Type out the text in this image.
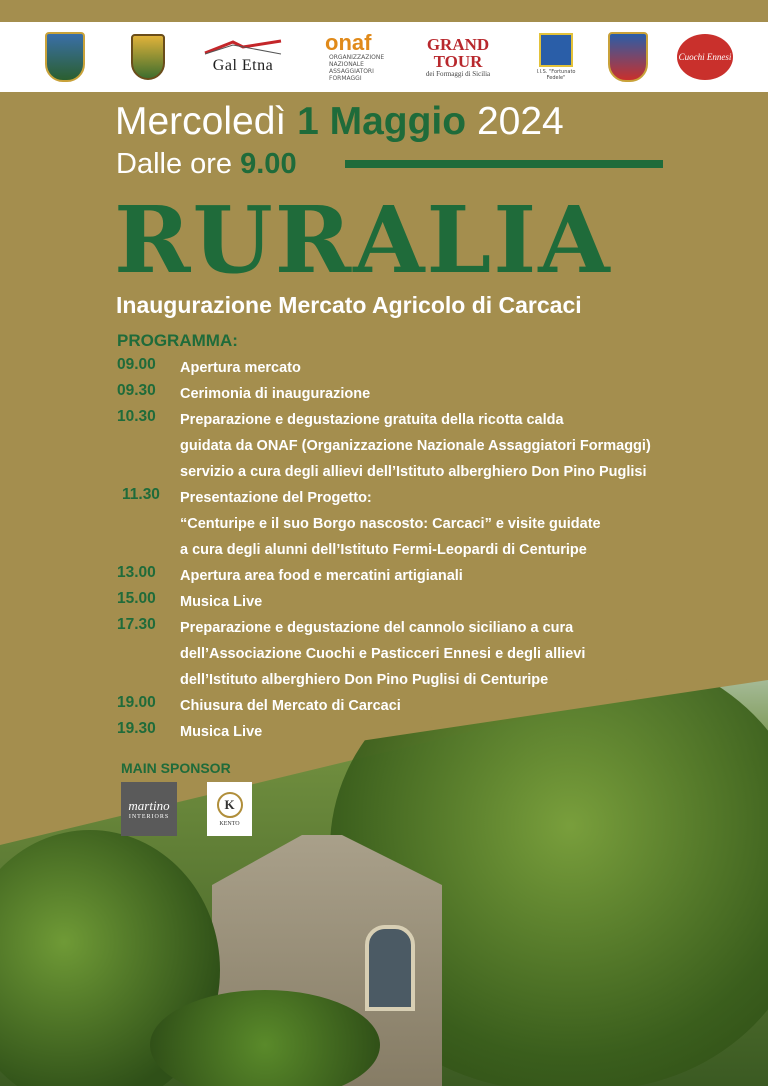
Gal Etna
onaf
ORGANIZZAZIONE NAZIONALE ASSAGGIATORI FORMAGGI
GRAND
TOUR
dei Formaggi di Sicilia	I.I.S. "Fortunato Fedele"
Cuochi Ennesi
Mercoledì 1 Maggio 2024
Dalle ore 9.00
RURALIA
Inaugurazione Mercato Agricolo di Carcaci
PROGRAMMA:
09.00 Apertura mercato
09.30 Cerimonia di inaugurazione
10.30 Preparazione e degustazione gratuita della ricotta calda
guidata da ONAF (Organizzazione Nazionale Assaggiatori Formaggi)
servizio a cura degli allievi dell’Istituto alberghiero Don Pino Puglisi
11.30 Presentazione del Progetto:
“Centuripe e il suo Borgo nascosto: Carcaci” e visite guidate
a cura degli alunni dell’Istituto Fermi-Leopardi di Centuripe
13.00 Apertura area food e mercatini artigianali
15.00 Musica Live
17.30 Preparazione e degustazione del cannolo siciliano a cura
dell’Associazione Cuochi e Pasticceri Ennesi e degli allievi
dell’Istituto alberghiero Don Pino Puglisi di Centuripe
19.00 Chiusura del Mercato di Carcaci
19.30 Musica Live
MAIN SPONSOR
martino
INTERIORS
K
KENTO
